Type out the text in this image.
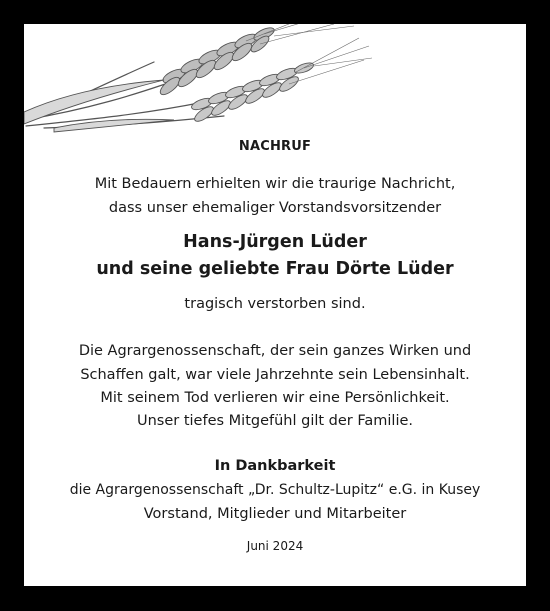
NACHRUF
Mit Bedauern erhielten wir die traurige Nachricht,
dass unser ehemaliger Vorstandsvorsitzender
Hans-Jürgen Lüder
und seine geliebte Frau Dörte Lüder
tragisch verstorben sind.
Die Agrargenossenschaft, der sein ganzes Wirken und
Schaffen galt, war viele Jahrzehnte sein Lebensinhalt.
Mit seinem Tod verlieren wir eine Persönlichkeit.
Unser tiefes Mitgefühl gilt der Familie.
In Dankbarkeit
die Agrargenossenschaft „Dr. Schultz-Lupitz“ e.G. in Kusey
Vorstand, Mitglieder und Mitarbeiter
Juni 2024
